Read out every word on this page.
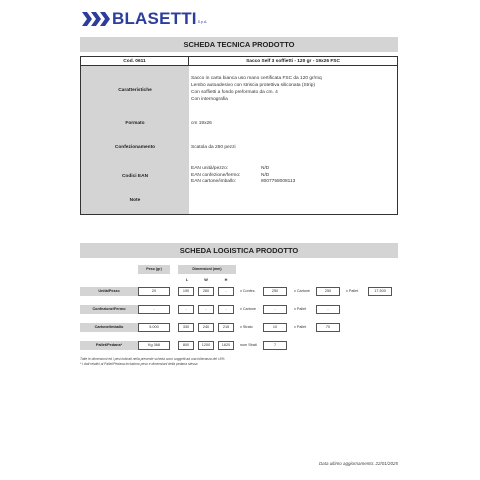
BLASETTI S.p.A.
SCHEDA TECNICA PRODOTTO
Cod. 0611	Sacco Self 3 soffietti - 120 gr - 19x26 FSC
Caratteristiche
Sacco in carta bianca uso mano certificata FSC da 120 gr/mq
Lembo autoadesivo con striscia protettiva siliconata (Strip)
Con soffietti a fondo preformato da cm. 4
Con internografia
Formato	cm 19x26
Confezionamento	Scatola da 250 pezzi
Codici EAN
EAN unità/pezzo:	N/D
EAN confezione/fermo:	N/D
EAN cartone/imballo:	8007758008113
Note
SCHEDA LOGISTICA PRODOTTO
Peso (gr)	Dimensioni (mm)
L	W	H
Unità/Pezzo	20	190	260	-	x Confez.	250	x Cartone	250	x Pallet	17.500
Confezione/Fermo	-	-	-	-	x Cartone	-	x Pallet	-
Cartone/Imballo	5.000	330	240	215	x Strato	10	x Pallet	70
Pallet/Pedana*	Kg 368	800	1200	1620	num Strati	7
Tutte le dimensioni ed i pesi indicati nella presente scheda sono soggetti ad una tolleranza del ±5%
* I dati relativi al Pallet/Pedana includono peso e dimensioni della pedana stessa
Data ultimo aggiornamento: 22/01/2025
